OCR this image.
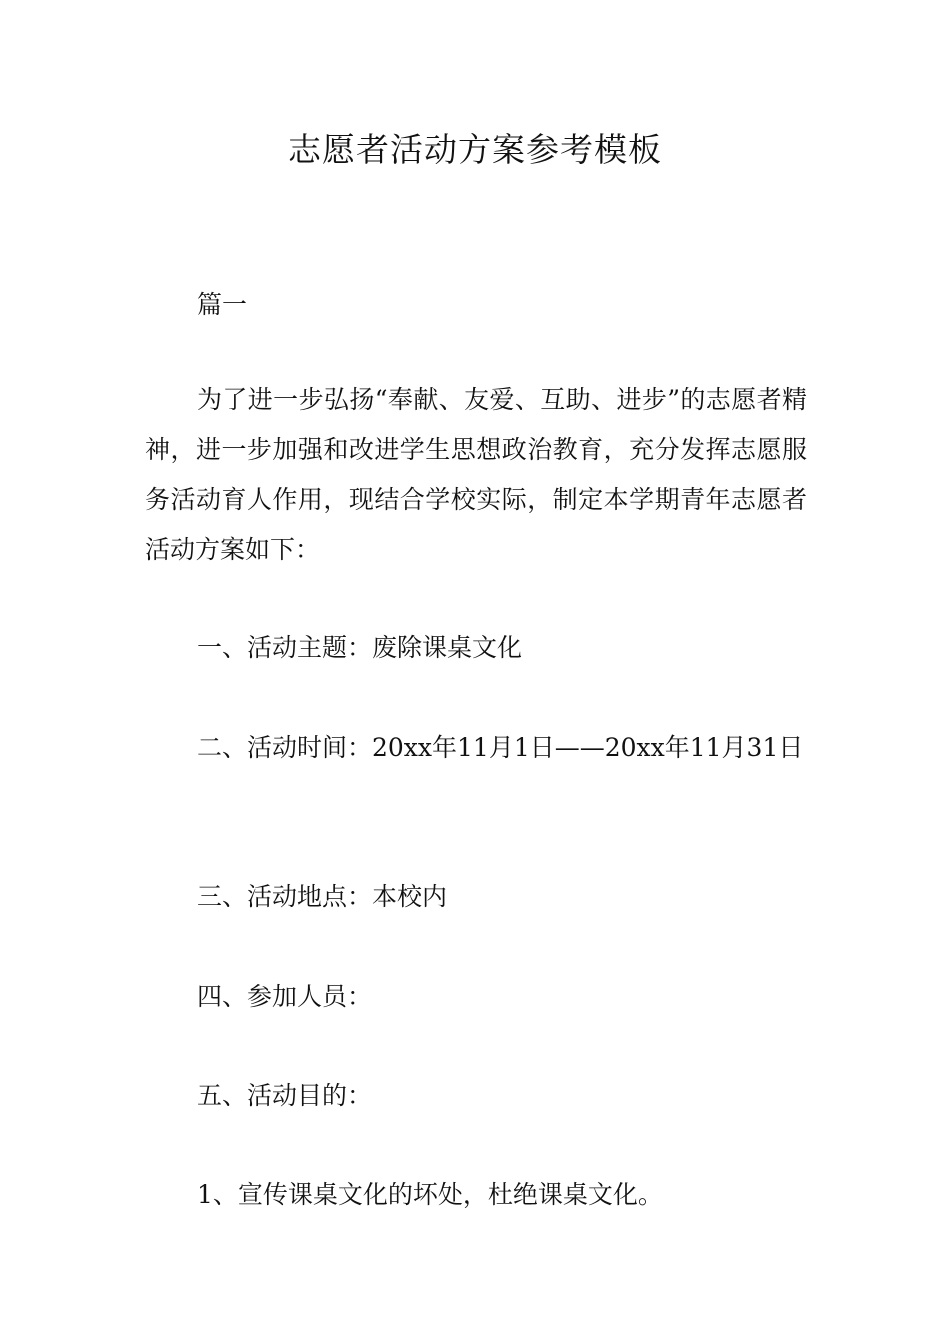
志愿者活动方案参考模板
篇一
为了进一步弘扬“奉献、友爱、互助、进步”的志愿者精神，进一步加强和改进学生思想政治教育，充分发挥志愿服务活动育人作用，现结合学校实际，制定本学期青年志愿者活动方案如下：
一、活动主题：废除课桌文化
二、活动时间：20xx年11月1日——20xx年11月31日
三、活动地点：本校内
四、参加人员：
五、活动目的：
1、宣传课桌文化的坏处，杜绝课桌文化。
